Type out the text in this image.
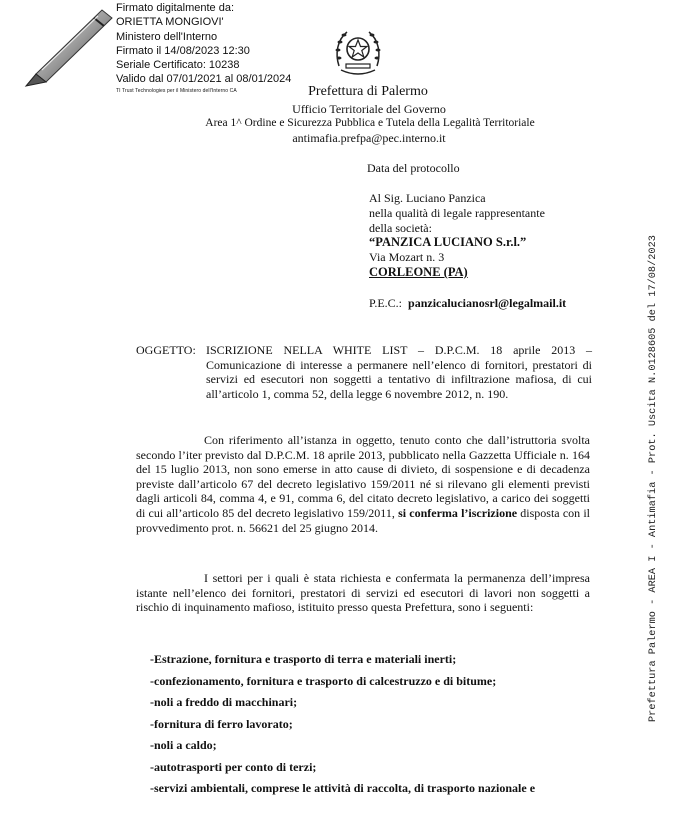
Firmato digitalmente da:
ORIETTA MONGIOVI'
Ministero dell'Interno
Firmato il 14/08/2023 12:30
Seriale Certificato: 10238
Valido dal 07/01/2021 al 08/01/2024
TI Trust Technologies per il Ministero dell'Interno CA	Prefettura di Palermo
Ufficio Territoriale del Governo
Area 1^ Ordine e Sicurezza Pubblica e Tutela della Legalità Territoriale
antimafia.prefpa@pec.interno.it
Data del protocollo
Al Sig. Luciano Panzica
nella qualità di legale rappresentante
della società:
“PANZICA LUCIANO S.r.l.”
Via Mozart n. 3
CORLEONE (PA)
P.E.C.: panzicalucianosrl@legalmail.it
OGGETTO: ISCRIZIONE NELLA WHITE LIST – D.P.C.M. 18 aprile 2013 – Comunicazione di interesse a permanere nell’elenco di fornitori, prestatori di servizi ed esecutori non soggetti a tentativo di infiltrazione mafiosa, di cui all’articolo 1, comma 52, della legge 6 novembre 2012, n. 190.
Con riferimento all’istanza in oggetto, tenuto conto che dall’istruttoria svolta secondo l’iter previsto dal D.P.C.M. 18 aprile 2013, pubblicato nella Gazzetta Ufficiale n. 164 del 15 luglio 2013, non sono emerse in atto cause di divieto, di sospensione e di decadenza previste dall’articolo 67 del decreto legislativo 159/2011 né si rilevano gli elementi previsti dagli articoli 84, comma 4, e 91, comma 6, del citato decreto legislativo, a carico dei soggetti di cui all’articolo 85 del decreto legislativo 159/2011, si conferma l’iscrizione disposta con il provvedimento prot. n. 56621 del 25 giugno 2014.
I settori per i quali è stata richiesta e confermata la permanenza dell’impresa istante nell’elenco dei fornitori, prestatori di servizi ed esecutori di lavori non soggetti a rischio di inquinamento mafioso, istituito presso questa Prefettura, sono i seguenti:
-Estrazione, fornitura e trasporto di terra e materiali inerti;
-confezionamento, fornitura e trasporto di calcestruzzo e di bitume;
-noli a freddo di macchinari;
-fornitura di ferro lavorato;
-noli a caldo;
-autotrasporti per conto di terzi;
-servizi ambientali, comprese le attività di raccolta, di trasporto nazionale e
Prefettura Palermo - AREA I - Antimafia - Prot. Uscita N.0128605 del 17/08/2023
